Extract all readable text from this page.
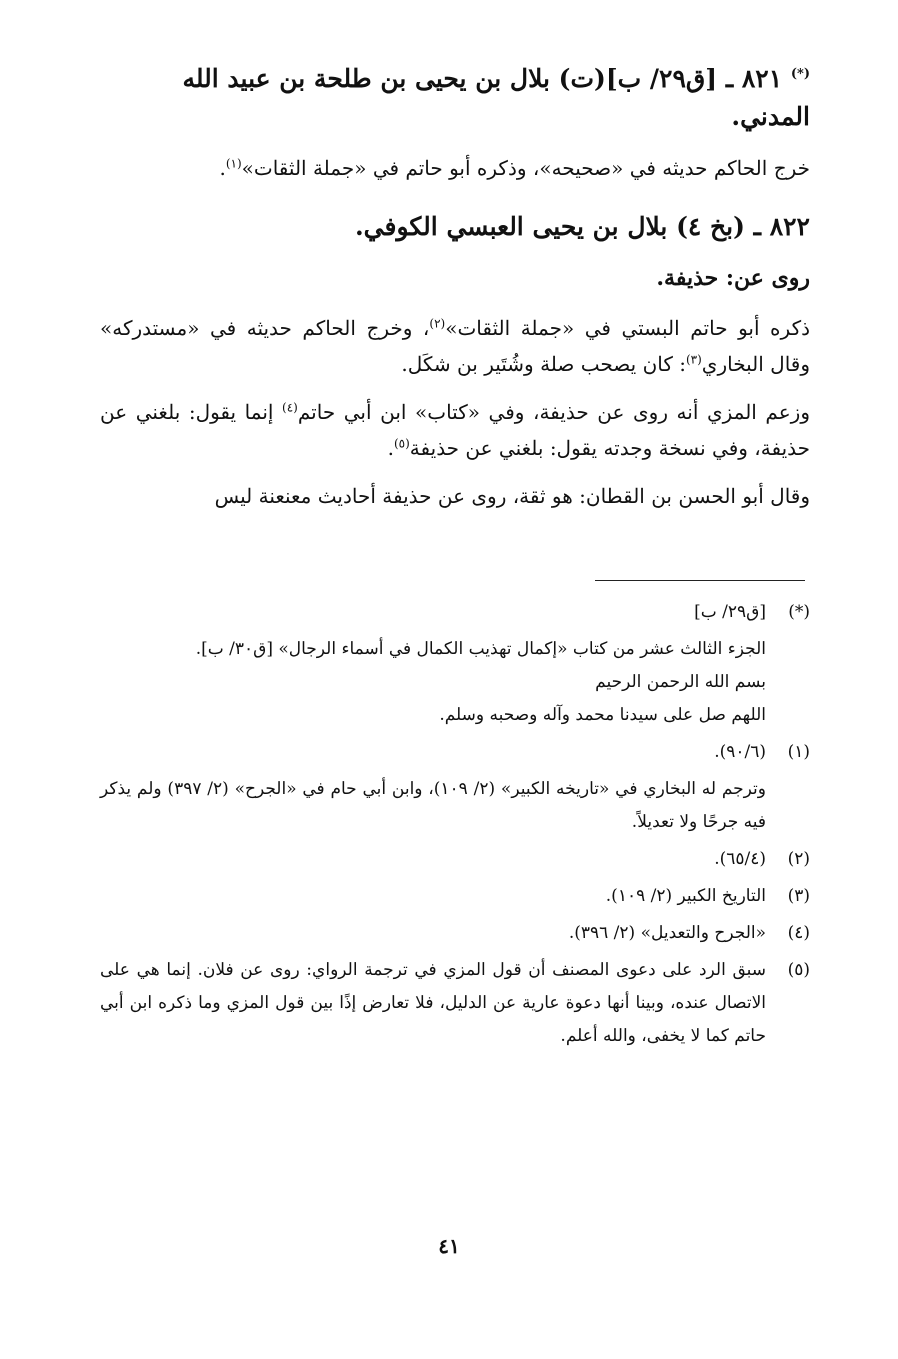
(*) ٨٢١ ـ [ق٢٩/ ب](ت) بلال بن يحيى بن طلحة بن عبيد الله المدني.
خرج الحاكم حديثه في «صحيحه»، وذكره أبو حاتم في «جملة الثقات»$^{(١)}$.
٨٢٢ ـ (بخ ٤) بلال بن يحيى العبسي الكوفي.
روى عن: حذيفة.
ذكره أبو حاتم البستي في «جملة الثقات»$^{(٢)}$، وخرج الحاكم حديثه في «مستدركه» وقال البخاري$^{(٣)}$: كان يصحب صلة وشُتَير بن شكَل.
وزعم المزي أنه روى عن حذيفة، وفي «كتاب» ابن أبي حاتم$^{(٤)}$ إنما يقول: بلغني عن حذيفة، وفي نسخة وجدته يقول: بلغني عن حذيفة$^{(٥)}$.
وقال أبو الحسن بن القطان: هو ثقة، روى عن حذيفة أحاديث معنعنة ليس
(*)
[ق٢٩/ ب]
الجزء الثالث عشر من كتاب «إكمال تهذيب الكمال في أسماء الرجال» [ق٣٠/ ب].
بسم الله الرحمن الرحيم
اللهم صل على سيدنا محمد وآله وصحبه وسلم.
(١)
(٩٠/٦).
وترجم له البخاري في «تاريخه الكبير» (٢/ ١٠٩)، وابن أبي حام في «الجرح» (٢/ ٣٩٧) ولم يذكر فيه جرحًا ولا تعديلاً.
(٢)
(٦٥/٤).
(٣)
التاريخ الكبير (٢/ ١٠٩).
(٤)
«الجرح والتعديل» (٢/ ٣٩٦).
(٥)
سبق الرد على دعوى المصنف أن قول المزي في ترجمة الرواي: روى عن فلان. إنما هي على الاتصال عنده، وبينا أنها دعوة عارية عن الدليل، فلا تعارض إذًا بين قول المزي وما ذكره ابن أبي حاتم كما لا يخفى، والله أعلم.
٤١
